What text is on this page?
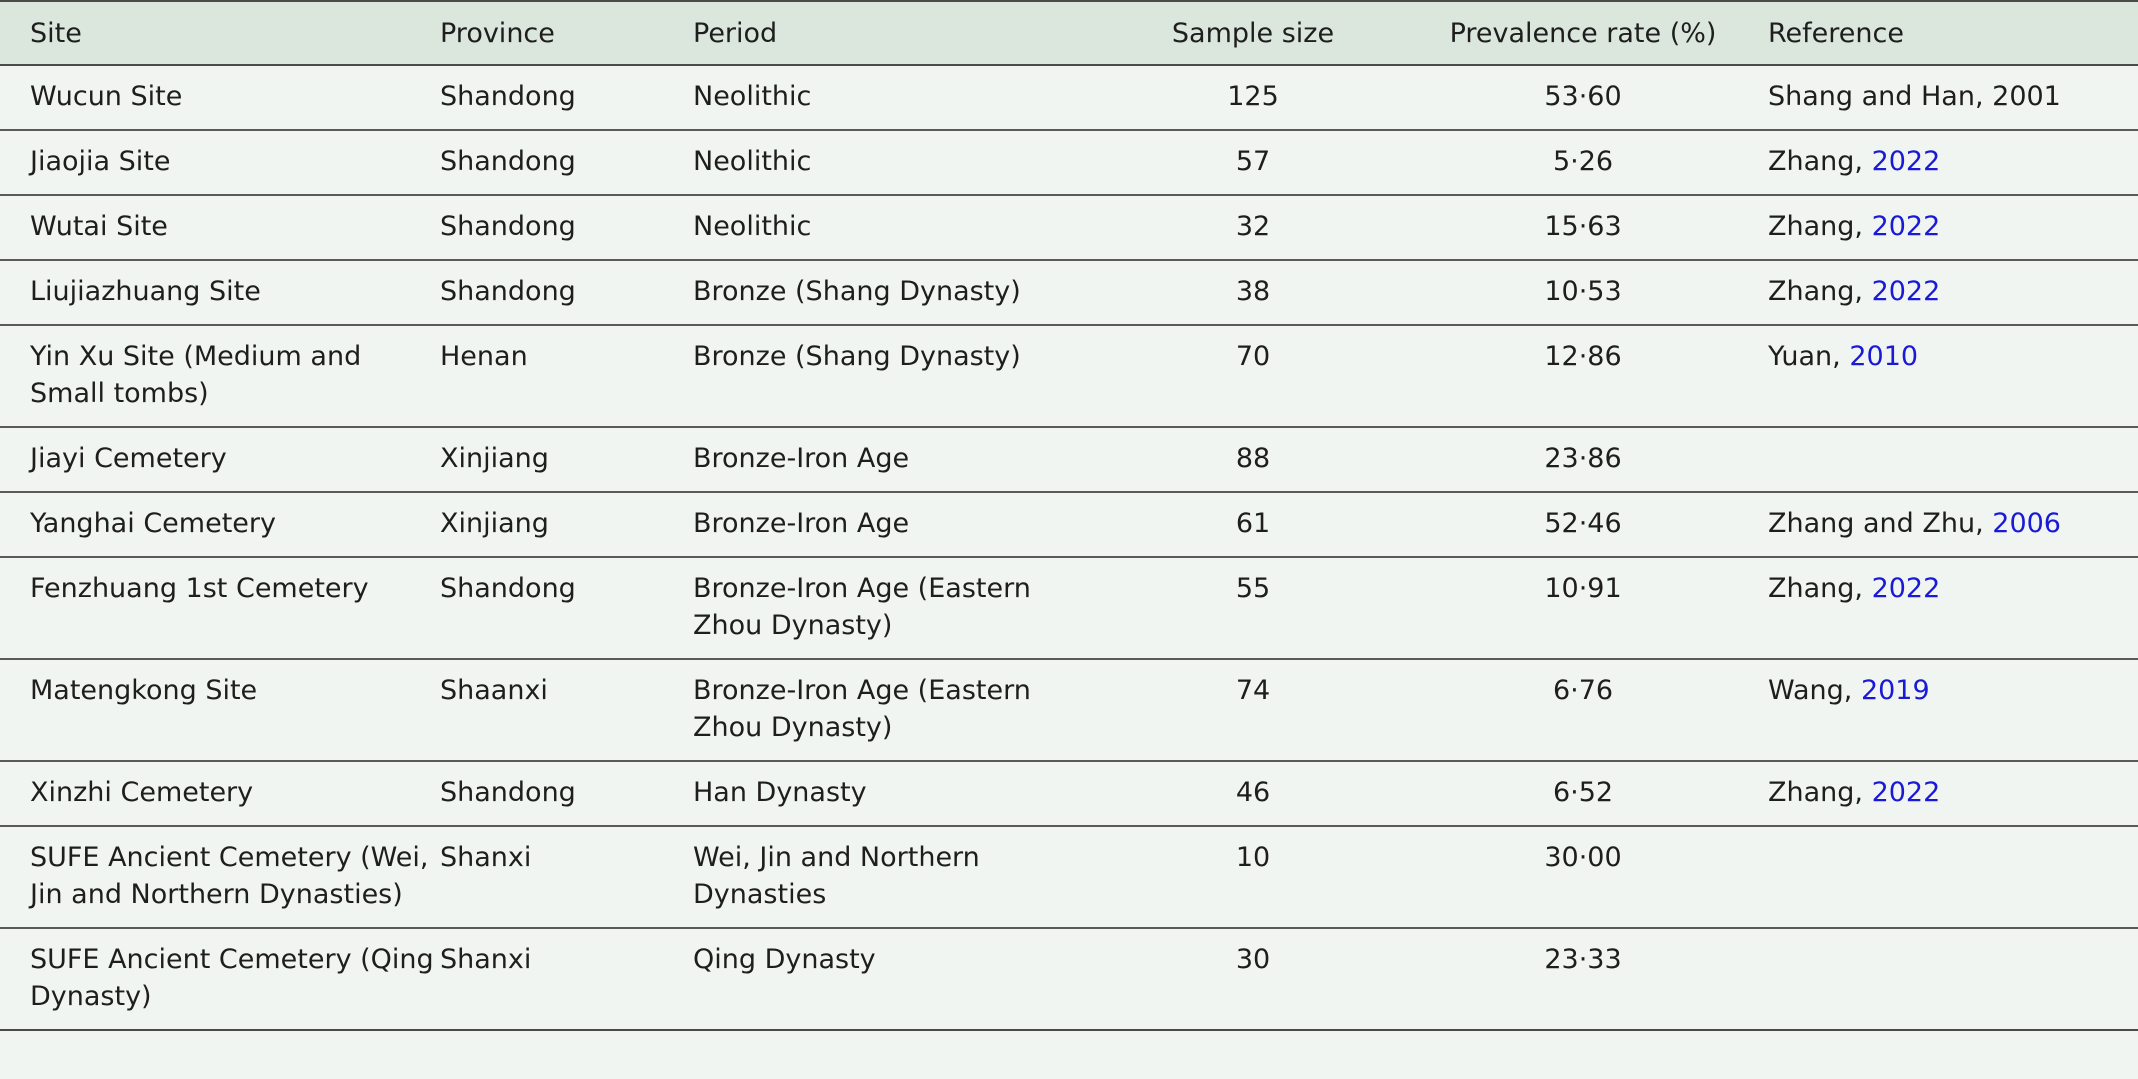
Site	Province	Period	Sample size	Prevalence rate (%)	Reference
Wucun Site	Shandong	Neolithic	125	53·60	Shang and Han, 2001
Jiaojia Site	Shandong	Neolithic	57	5·26	Zhang, 2022
Wutai Site	Shandong	Neolithic	32	15·63	Zhang, 2022
Liujiazhuang Site	Shandong	Bronze (Shang Dynasty)	38	10·53	Zhang, 2022
Yin Xu Site (Medium and Small tombs)	Henan	Bronze (Shang Dynasty)	70	12·86	Yuan, 2010
Jiayi Cemetery	Xinjiang	Bronze-Iron Age	88	23·86	
Yanghai Cemetery	Xinjiang	Bronze-Iron Age	61	52·46	Zhang and Zhu, 2006
Fenzhuang 1st Cemetery	Shandong	Bronze-Iron Age (Eastern Zhou Dynasty)	55	10·91	Zhang, 2022
Matengkong Site	Shaanxi	Bronze-Iron Age (Eastern Zhou Dynasty)	74	6·76	Wang, 2019
Xinzhi Cemetery	Shandong	Han Dynasty	46	6·52	Zhang, 2022
SUFE Ancient Cemetery (Wei, Jin and Northern Dynasties)	Shanxi	Wei, Jin and Northern Dynasties	10	30·00	
SUFE Ancient Cemetery (Qing Dynasty)	Shanxi	Qing Dynasty	30	23·33	
